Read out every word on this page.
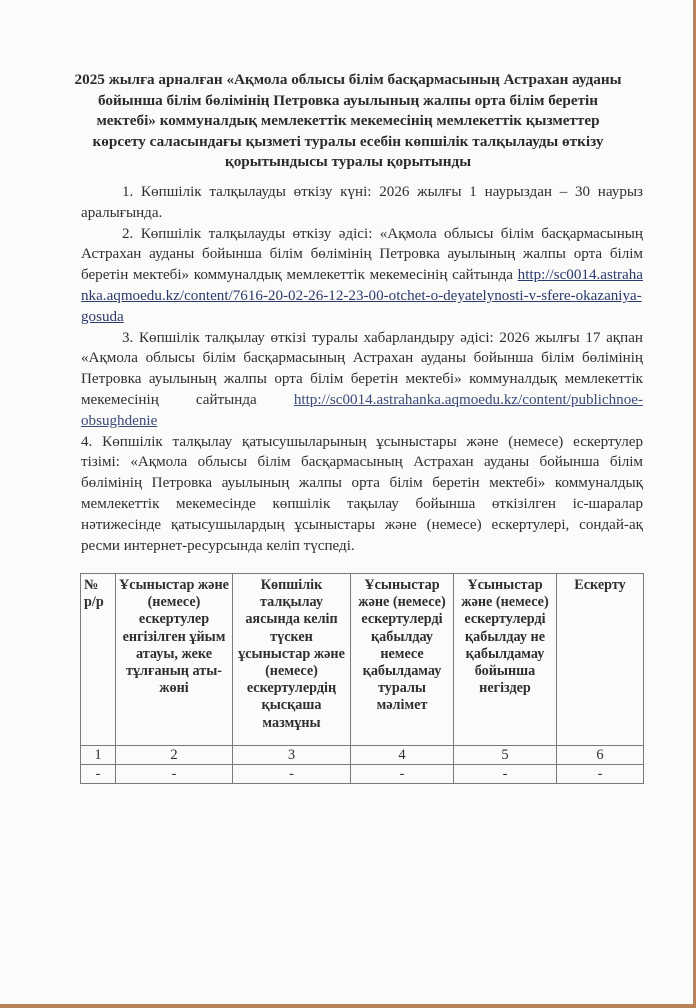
2025 жылға арналған «Ақмола облысы білім басқармасының Астрахан ауданы бойынша білім бөлімінің Петровка ауылының жалпы орта білім беретін мектебі» коммуналдық мемлекеттік мекемесінің мемлекеттік қызметтер көрсету саласындағы қызметі туралы есебін көпшілік талқылауды өткізу қорытындысы туралы қорытынды

1. Көпшілік талқылауды өткізу күні: 2026 жылғы 1 наурыздан – 30 наурыз аралығында.

2. Көпшілік талқылауды өткізу әдісі: «Ақмола облысы білім басқармасының Астрахан ауданы бойынша білім бөлімінің Петровка ауылының жалпы орта білім беретін мектебі» коммуналдық мемлекеттік мекемесінің сайтында http://sc0014.astrahanka.aqmoedu.kz/content/7616-20-02-26-12-23-00-otchet-o-deyatelynosti-v-sfere-okazaniya-gosuda

3. Көпшілік талқылау өткізі туралы хабарландыру әдісі: 2026 жылғы 17 ақпан «Ақмола облысы білім басқармасының Астрахан ауданы бойынша білім бөлімінің Петровка ауылының жалпы орта білім беретін мектебі» коммуналдық мемлекеттік мекемесінің сайтында http://sc0014.astrahanka.aqmoedu.kz/content/publichnoe-obsughdenie

4. Көпшілік талқылау қатысушыларының ұсыныстары және (немесе) ескертулер тізімі: «Ақмола облысы білім басқармасының Астрахан ауданы бойынша білім бөлімінің Петровка ауылының жалпы орта білім беретін мектебі» коммуналдық мемлекеттік мекемесінде көпшілік тақылау бойынша өткізілген іс-шаралар нәтижесінде қатысушылардың ұсыныстары және (немесе) ескертулері, сондай-ақ ресми интернет-ресурсында келіп түспеді.

№ р/р	Ұсыныстар және (немесе) ескертулер енгізілген ұйым атауы, жеке тұлғаның аты-жөні	Көпшілік талқылау аясында келіп түскен ұсыныстар және (немесе) ескертулердің қысқаша мазмұны	Ұсыныстар және (немесе) ескертулерді қабылдау немесе қабылдамау туралы мәлімет	Ұсыныстар және (немесе) ескертулерді қабылдау не қабылдамау бойынша негіздер	Ескерту
1	2	3	4	5	6
-	-	-	-	-	-
